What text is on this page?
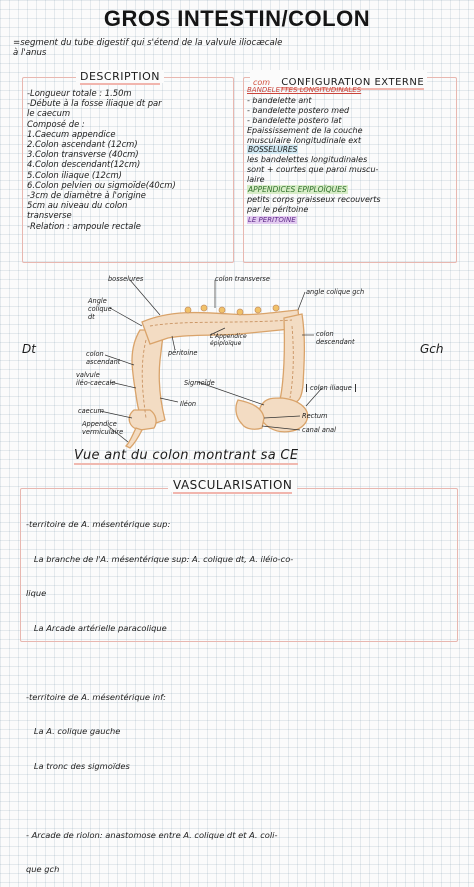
GROS INTESTIN/COLON
=segment du tube digestif qui s'étend de la valvule iliocæcale
à l'anus
DESCRIPTION
-Longueur totale : 1.50m
-Débute à la fosse iliaque dt par
le caecum
Composé de :
1.Caecum appendice
2.Colon ascendant (12cm)
3.Colon transverse (40cm)
4.Colon descendant(12cm)
5.Colon iliaque (12cm)
6.Colon pelvien ou sigmoïde(40cm)
-3cm de diamètre à l'origine
5cm au niveau du colon
transverse
-Relation : ampoule rectale
com CONFIGURATION EXTERNE
BANDELETTES LONGITUDINALES
- bandelette ant
- bandelette postero med
- bandelette postero lat
Epaississement de la couche
musculaire longitudinale ext
BOSSELURES
les bandelettes longitudinales
sont + courtes que paroi muscu-
laire
APPENDICES EPIPLOÏQUES
petits corps graisseux recouverts
par le péritoine
LE PERITOINE
bosselures	colon transverse
angle colique gch
Angle
colique
dt
L'Appendice
épiploïque
péritoine
colon
descendant
colon
ascendant
valvule
iléo-caecale	Sigmoïde
colon iliaque
Iléon
caecum
Appendice
vermiculaire
Rectum
canal anal
Dt	Gch
Vue ant du colon montrant sa CE
VASCULARISATION

-territoire de A. mésentérique sup:

La branche de l'A. mésentérique sup: A. colique dt, A. iléio-co-

lique

La Arcade artérielle paracolique

-territoire de A. mésentérique inf:

La A. colique gauche

La tronc des sigmoïdes

- Arcade de riolon: anastomose entre A. colique dt et A. coli-

que gch
